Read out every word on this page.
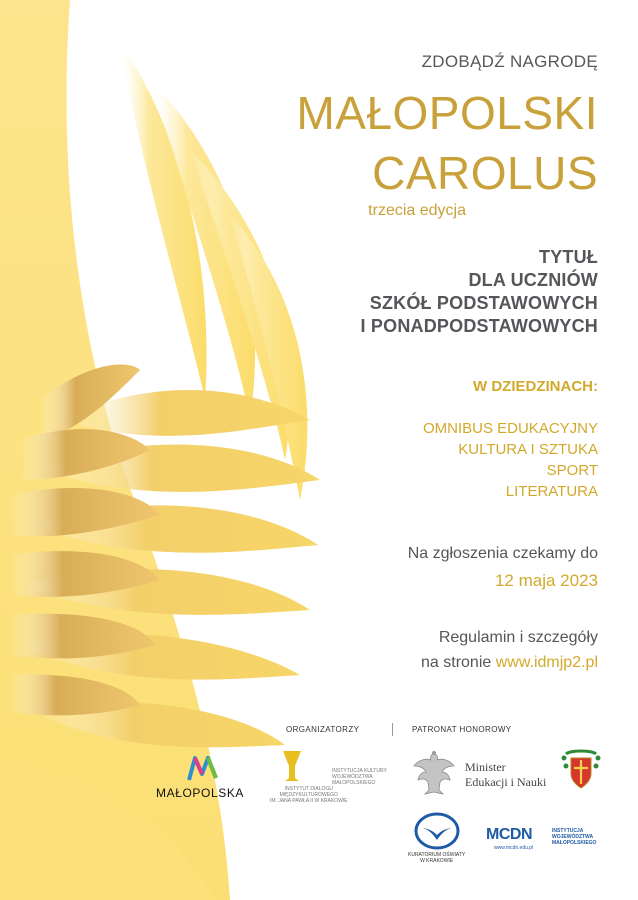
ZDOBĄDŹ NAGRODĘ
MAŁOPOLSKI
CAROLUS
trzecia edycja
TYTUŁ
DLA UCZNIÓW
SZKÓŁ PODSTAWOWYCH
I PONADPODSTAWOWYCH
W DZIEDZINACH:
OMNIBUS EDUKACYJNY
KULTURA I SZTUKA
SPORT
LITERATURA
Na zgłoszenia czekamy do
12 maja 2023
Regulamin i szczegóły
na stronie www.idmjp2.pl
ORGANIZATORZY	PATRONAT HONOROWY
MAŁOPOLSKA	INSTYTUT DIALOGU
MIĘDZYKULTUROWEGO
IM. JANA PAWŁA II W KRAKOWIE
INSTYTUCJA KULTURY
WOJEWÓDZTWA
MAŁOPOLSKIEGO
Minister
Edukacji i Nauki
KURATORIUM OŚWIATY
W KRAKOWIE
MCDN
www.mcdn.edu.pl
INSTYTUCJA
WOJEWÓDZTWA
MAŁOPOLSKIEGO
